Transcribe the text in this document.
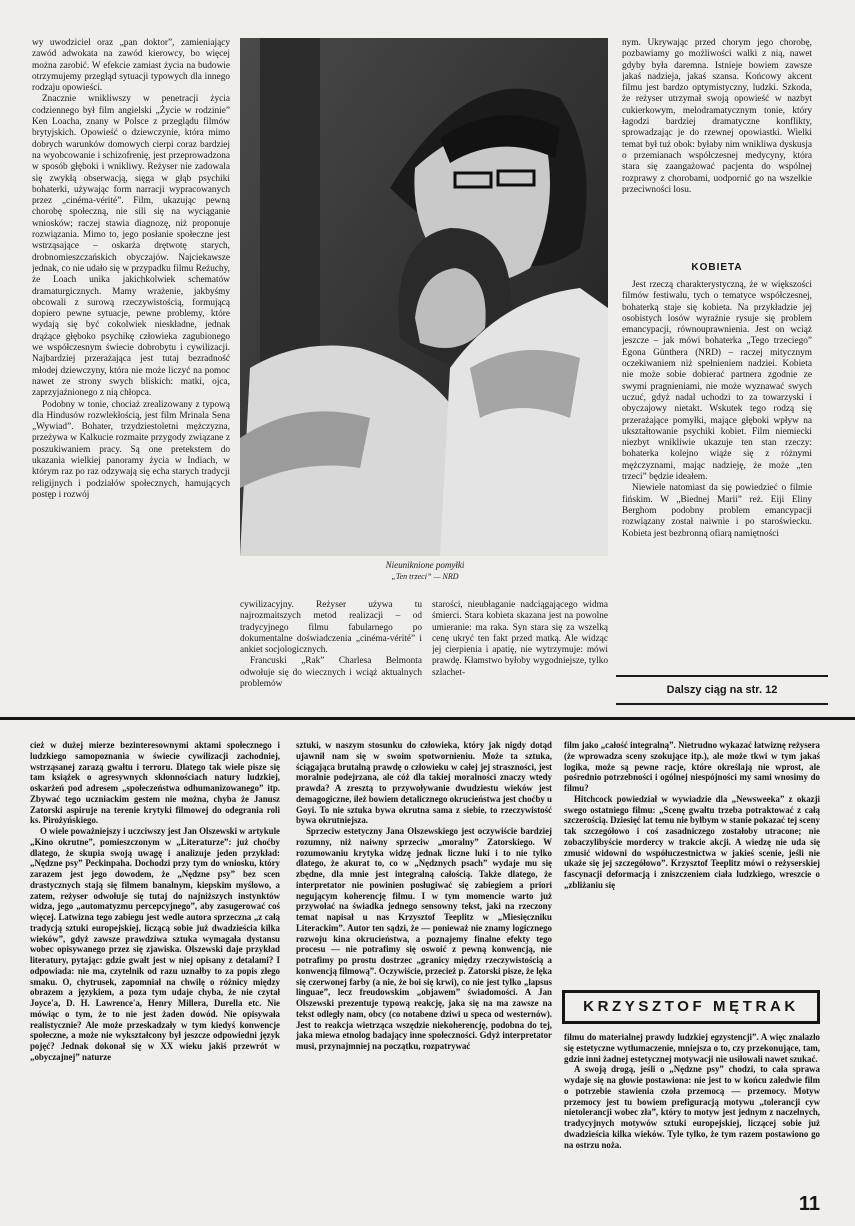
wy uwodziciel oraz „pan doktor”, zamieniający zawód adwokata na zawód kierowcy, bo więcej można zarobić. W efekcie zamiast życia na budowie otrzymujemy przegląd sytuacji typowych dla innego rodzaju opowieści.

Znacznie wnikliwszy w penetracji życia codziennego był film angielski „Życie w rodzinie” Ken Loacha, znany w Polsce z przeglądu filmów brytyjskich. Opowieść o dziewczynie, która mimo dobrych warunków domowych cierpi coraz bardziej na wyobcowanie i schizofrenię, jest przeprowadzona w sposób głęboki i wnikliwy. Reżyser nie zadowala się zwykłą obserwacją, sięga w głąb psychiki bohaterki, używając form narracji wypracowanych przez „cinéma-vérité”. Film, ukazując pewną chorobę społeczną, nie sili się na wyciąganie wniosków; raczej stawia diagnozę, niż proponuje rozwiązania. Mimo to, jego posłanie społeczne jest wstrząsające – oskarża drętwotę starych, drobnomieszczańskich obyczajów. Najciekawsze jednak, co nie udało się w przypadku filmu Reżuchy, że Loach unika jakichkolwiek schematów dramaturgicznych. Mamy wrażenie, jakbyśmy obcowali z surową rzeczywistością, formującą dopiero pewne sytuacje, pewne problemy, które wydają się być cokolwiek nieskładne, jednak drążące głęboko psychikę człowieka zagubionego we współczesnym świecie dobrobytu i cywilizacji. Najbardziej przerażająca jest tutaj bezradność młodej dziewczyny, która nie może liczyć na pomoc nawet ze strony swych bliskich: matki, ojca, zaprzyjaźnionego z nią chłopca.

Podobny w tonie, chociaż zrealizowany z typową dla Hindusów rozwlekłością, jest film Mrinala Sena „Wywiad”. Bohater, trzydziestoletni mężczyzna, przeżywa w Kalkucie rozmaite przygody związane z poszukiwaniem pracy. Są one pretekstem do ukazania wielkiej panoramy życia w Indiach, w którym raz po raz odzywają się echa starych tradycji religijnych i podziałów społecznych, hamujących postęp i rozwój

Nieuniknione pomyłki
„Ten trzeci” — NRD

cywilizacyjny. Reżyser używa tu najrozmaitszych metod realizacji – od tradycyjnego filmu fabularnego po dokumentalne doświadczenia „cinéma-vérité” i ankiet socjologicznych.

Francuski „Rak” Charlesa Belmonta odwołuje się do wiecznych i wciąż aktualnych problemów

starości, nieubłaganie nadciągającego widma śmierci. Stara kobieta skazana jest na powolne umieranie: ma raka. Syn stara się za wszelką cenę ukryć ten fakt przed matką. Ale widząc jej cierpienia i apatię, nie wytrzymuje: mówi prawdę. Kłamstwo byłoby wygodniejsze, tylko szlachet-

nym. Ukrywając przed chorym jego chorobę, pozbawiamy go możliwości walki z nią, nawet gdyby była daremna. Istnieje bowiem zawsze jakaś nadzieja, jakaś szansa. Końcowy akcent filmu jest bardzo optymistyczny, ludzki. Szkoda, że reżyser utrzymał swoją opowieść w nazbyt cukierkowym, melodramatycznym tonie, który łagodzi bardziej dramatyczne konflikty, sprowadzając je do rzewnej opowiastki. Wielki temat był tuż obok: byłaby nim wnikliwa dyskusja o przemianach współczesnej medycyny, która stara się zaangażować pacjenta do wspólnej rozprawy z chorobami, uodpornić go na wszelkie przeciwności losu.

KOBIETA

Jest rzeczą charakterystyczną, że w większości filmów festiwalu, tych o tematyce współczesnej, bohaterką staje się kobieta. Na przykładzie jej osobistych losów wyraźnie rysuje się problem emancypacji, równouprawnienia. Jest on wciąż jeszcze – jak mówi bohaterka „Tego trzeciego” Egona Günthera (NRD) – raczej mitycznym oczekiwaniem niż spełnieniem nadziei. Kobieta nie może sobie dobierać partnera zgodnie ze swymi pragnieniami, nie może wyznawać swych uczuć, gdyż nadal uchodzi to za towarzyski i obyczajowy nietakt. Wskutek tego rodzą się przerażające pomyłki, mające głęboki wpływ na ukształtowanie psychiki kobiet. Film niemiecki niezbyt wnikliwie ukazuje ten stan rzeczy: bohaterka kolejno wiąże się z różnymi mężczyznami, mając nadzieję, że może „ten trzeci” będzie ideałem.

Niewiele natomiast da się powiedzieć o filmie fińskim. W „Biednej Marii” reż. Eiji Eliny Berghom podobny problem emancypacji rozwiązany został naiwnie i po staroświecku. Kobieta jest bezbronną ofiarą namiętności

Dalszy ciąg na str. 12

cież w dużej mierze bezinteresownymi aktami społecznego i ludzkiego samopoznania w świecie cywilizacji zachodniej, wstrząsanej zarazą gwałtu i terroru. Dlatego tak wiele pisze się tam książek o agresywnych skłonnościach natury ludzkiej, oskarżeń pod adresem „społeczeństwa odhumanizowanego” itp. Zbywać tego uczniackim gestem nie można, chyba że Janusz Zatorski aspiruje na terenie krytyki filmowej do odegrania roli ks. Pirożyńskiego.

O wiele poważniejszy i uczciwszy jest Jan Olszewski w artykule „Kino okrutne”, pomieszczonym w „Literaturze”: już choćby dlatego, że skupia swoją uwagę i analizuje jeden przykład: „Nędzne psy” Peckinpaha. Dochodzi przy tym do wniosku, który zarazem jest jego dowodem, że „Nędzne psy” bez scen drastycznych stają się filmem banalnym, kiepskim myślowo, a zatem, reżyser odwołuje się tutaj do najniższych instynktów widza, jego „automatyzmu percepcyjnego”, aby zasugerować coś więcej. Latwizna tego zabiegu jest wedle autora sprzeczna „z całą tradycją sztuki europejskiej, liczącą sobie już dwadzieścia kilka wieków”, gdyż zawsze prawdziwa sztuka wymagała dystansu wobec opisywanego przez się zjawiska. Olszewski daje przykład literatury, pytając: gdzie gwałt jest w niej opisany z detalami? I odpowiada: nie ma, czytelnik od razu uznałby to za popis złego smaku. O, chytrusek, zapomniał na chwilę o różnicy między obrazem a językiem, a poza tym udaje chyba, że nie czytał Joyce'a, D. H. Lawrence'a, Henry Millera, Durella etc. Nie mówiąc o tym, że to nie jest żaden dowód. Nie opisywała realistycznie? Ale może przeskadzały w tym kiedyś konwencje społeczne, a może nie wykształcony był jeszcze odpowiedni język pojęć? Jednak dokonał się w XX wieku jakiś przewrót w „obyczajnej” naturze

sztuki, w naszym stosunku do człowieka, który jak nigdy dotąd ujawnił nam się w swoim spotwornieniu. Może ta sztuka, ściągająca brutalną prawdę o człowieku w całej jej straszności, jest moralnie podejrzana, ale cóż dla takiej moralności znaczy wtedy prawda? A zresztą to przywoływanie dwudziestu wieków jest demagogiczne, ileż bowiem detalicznego okrucieństwa jest choćby u Goyi. To nie sztuka bywa okrutna sama z siebie, to rzeczywistość bywa okrutniejsza.

Sprzeciw estetyczny Jana Olszewskiego jest oczywiście bardziej rozumny, niż naiwny sprzeciw „moralny” Zatorskiego. W rozumowaniu krytyka widzę jednak liczne luki i to nie tylko dlatego, że akurat to, co w „Nędznych psach” wydaje mu się zbędne, dla mnie jest integralną całością. Także dlatego, że interpretator nie powinien posługiwać się zabiegiem a priori negującym koherencję filmu. I w tym momencie warto już przywołać na świadka jednego sensowny tekst, jaki na rzeczony temat napisał u nas Krzysztof Teeplitz w „Miesięczniku Literackim”. Autor ten sądzi, że — ponieważ nie znamy logicznego rozwoju kina okrucieństwa, a poznajemy finalne efekty tego procesu — nie potrafimy się oswoić z pewną konwencją, nie potrafimy po prostu dostrzec „granicy między rzeczywistością a konwencją filmową”. Oczywiście, przecież p. Zatorski pisze, że lęka się czerwonej farby (a nie, że boi się krwi), co nie jest tylko „lapsus linguae”, lecz freudowskim „objawem” świadomości. A Jan Olszewski prezentuje typową reakcję, jaka się na ma zawsze na tekst odległy nam, obcy (co notabene dziwi u speca od westernów). Jest to reakcja wietrząca wszędzie niekoherencję, podobna do tej, jaka miewa etnolog badający inne społeczności. Gdyż interpretator musi, przynajmniej na początku, rozpatrywać

film jako „całość integralną”. Nietrudno wykazać łatwiznę reżysera (że wprowadza sceny szokujące itp.), ale może tkwi w tym jakaś logika, może są pewne racje, które określają nie wprost, ale pośrednio potrzebności i ogólnej niespójności my sami wnosimy do filmu?

Hitchcock powiedział w wywiadzie dla „Newsweeka” z okazji swego ostatniego filmu: „Scenę gwałtu trzeba potraktować z całą szczerością. Dziesięć lat temu nie byłbym w stanie pokazać tej sceny tak szczegółowo i coś zasadniczego zostałoby utracone; nie zobaczylibyście mordercy w trakcie akcji. A wiedzę nie uda się zmusić widowni do współuczestnictwa w jakieś scenie, jeśli nie ukaże się jej szczegółowo”. Krzysztof Teeplitz mówi o reżyserskiej fascynacji deformacją i zniszczeniem ciała ludzkiego, wreszcie o „zbliżaniu się

filmu do materialnej prawdy ludzkiej egzystencji”. A więc znalazło się estetyczne wytłumaczenie, mniejsza o to, czy przekonujące, tam, gdzie inni żadnej estetycznej motywacji nie usiłowali nawet szukać.

A swoją drogą, jeśli o „Nędzne psy” chodzi, to cała sprawa wydaje się na głowie postawiona: nie jest to w końcu zaledwie film o potrzebie stawienia czoła przemocą — przemocy. Motyw przemocy jest tu bowiem prefiguracją motywu „tolerancji cyw nietolerancji wobec zła”, który to motyw jest jednym z naczelnych, tradycyjnych motywów sztuki europejskiej, liczącej sobie już dwadzieścia kilka wieków. Tyle tylko, że tym razem postawiono go na ostrzu noża.

KRZYSZTOF MĘTRAK
11
